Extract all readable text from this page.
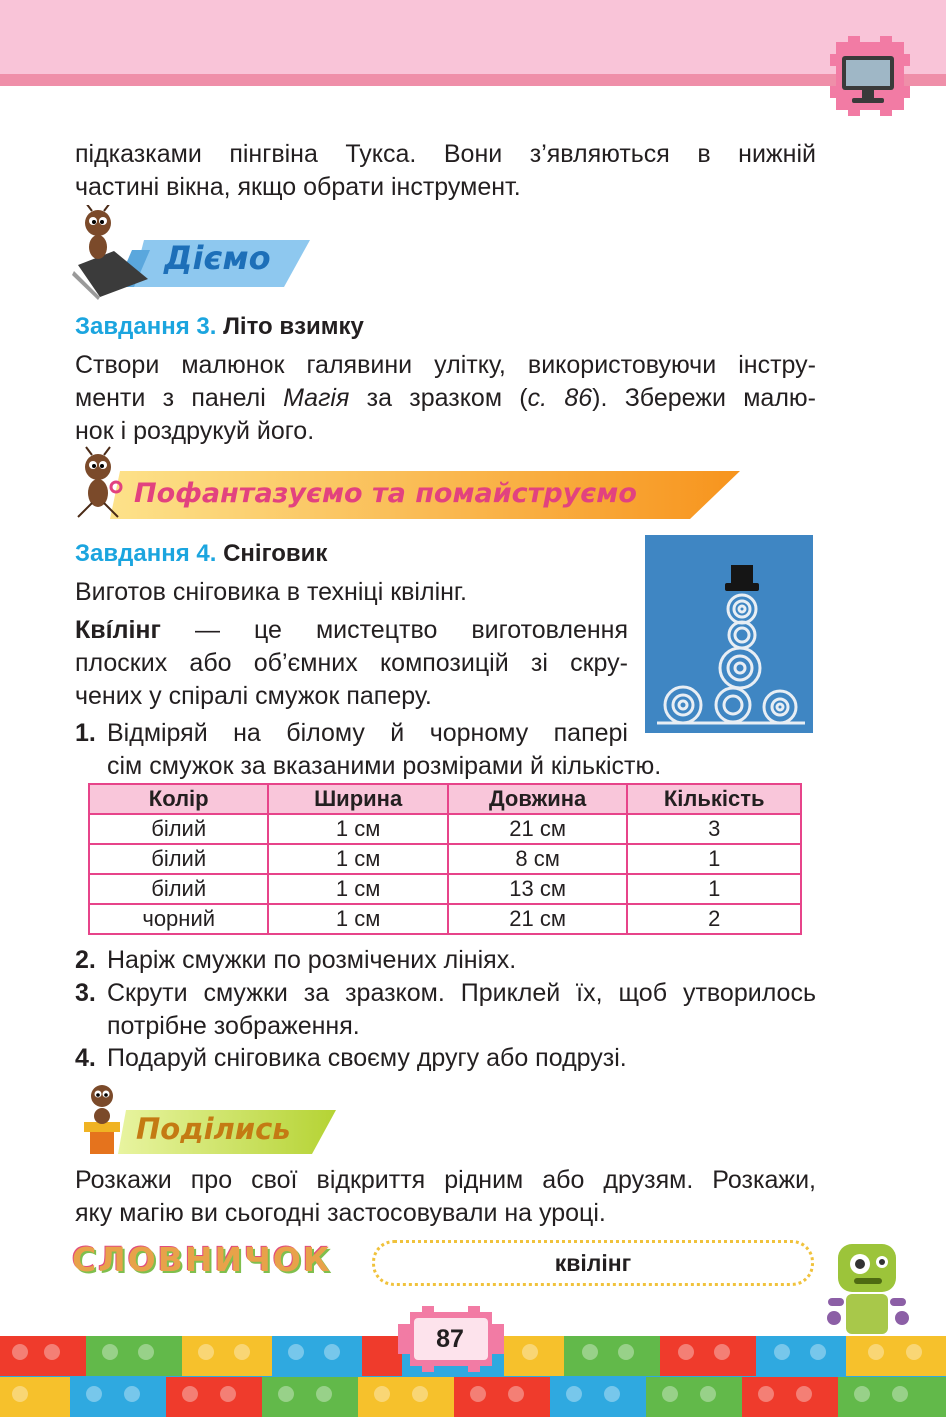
підказками пінгвіна Тукса. Вони з’являються в нижній
частині вікна, якщо обрати інструмент.
Діємо
Завдання 3. Літо взимку
Створи малюнок галявини улітку, використовуючи інстру-
менти з панелі Магія за зразком (с. 86). Збережи малю-
нок і роздрукуй його.
Пофантазуємо та помайструємо
Завдання 4. Сніговик
Виготов сніговика в техніці квілінг.
Квíлінг — це мистецтво виготовлення
плоских або об’ємних композицій зі скру-
чених у спіралі смужок паперу.
1. Відміряй на білому й чорному папері
сім смужок за вказаними розмірами й кількістю.
Колір	Ширина	Довжина	Кількість
білий	1 см	21 см	3
білий	1 см	8 см	1
білий	1 см	13 см	1
чорний	1 см	21 см	2
2. Наріж смужки по розмічених лініях.
3. Скрути смужки за зразком. Приклей їх, щоб утворилось
потрібне зображення.
4. Подаруй сніговика своєму другу або подрузі.
Поділись
Розкажи про свої відкриття рідним або друзям. Розкажи,
яку магію ви сьогодні застосовували на уроці.
СЛОВНИЧОК	квілінг
87
